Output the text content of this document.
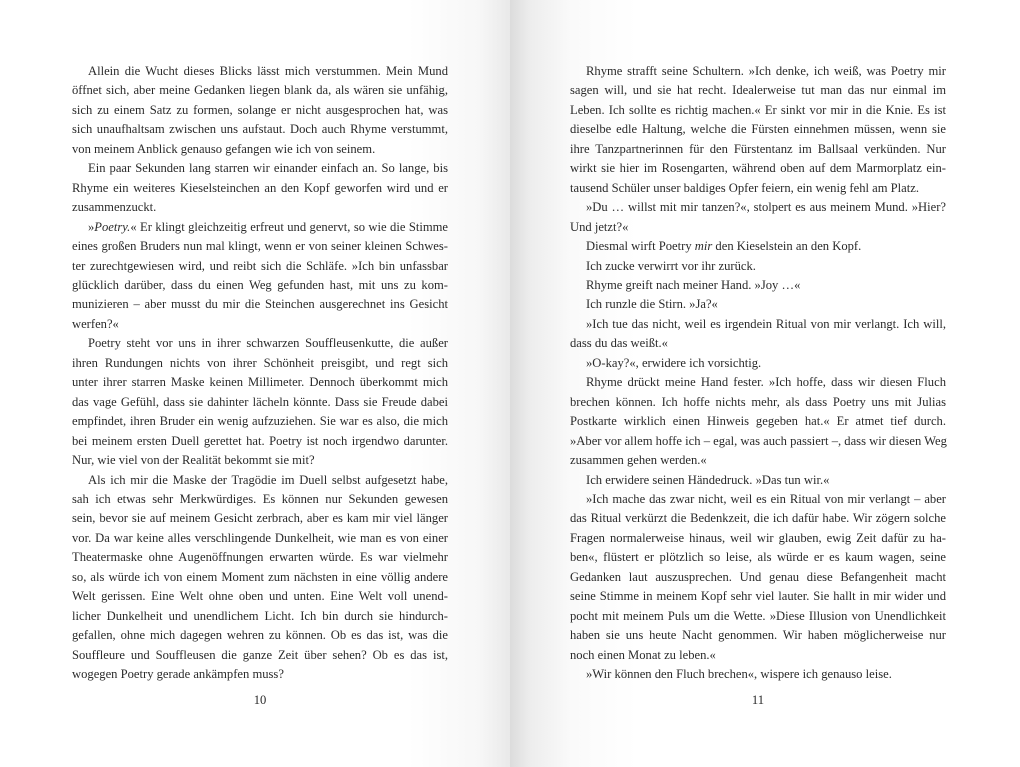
Allein die Wucht dieses Blicks lässt mich verstummen. Mein Mund
öffnet sich, aber meine Gedanken liegen blank da, als wären sie unfähig,
sich zu einem Satz zu formen, solange er nicht ausgesprochen hat, was
sich unaufhaltsam zwischen uns aufstaut. Doch auch Rhyme verstummt,
von meinem Anblick genauso gefangen wie ich von seinem.
Ein paar Sekunden lang starren wir einander einfach an. So lange, bis
Rhyme ein weiteres Kieselsteinchen an den Kopf geworfen wird und er
zusammenzuckt.
»Poetry.« Er klingt gleichzeitig erfreut und genervt, so wie die Stimme
eines großen Bruders nun mal klingt, wenn er von seiner kleinen Schwes-
ter zurechtgewiesen wird, und reibt sich die Schläfe. »Ich bin unfassbar
glücklich darüber, dass du einen Weg gefunden hast, mit uns zu kom-
munizieren – aber musst du mir die Steinchen ausgerechnet ins Gesicht
werfen?«
Poetry steht vor uns in ihrer schwarzen Souffleusenkutte, die außer
ihren Rundungen nichts von ihrer Schönheit preisgibt, und regt sich
unter ihrer starren Maske keinen Millimeter. Dennoch überkommt mich
das vage Gefühl, dass sie dahinter lächeln könnte. Dass sie Freude dabei
empfindet, ihren Bruder ein wenig aufzuziehen. Sie war es also, die mich
bei meinem ersten Duell gerettet hat. Poetry ist noch irgendwo darunter.
Nur, wie viel von der Realität bekommt sie mit?
Als ich mir die Maske der Tragödie im Duell selbst aufgesetzt habe,
sah ich etwas sehr Merkwürdiges. Es können nur Sekunden gewesen
sein, bevor sie auf meinem Gesicht zerbrach, aber es kam mir viel länger
vor. Da war keine alles verschlingende Dunkelheit, wie man es von einer
Theatermaske ohne Augenöffnungen erwarten würde. Es war vielmehr
so, als würde ich von einem Moment zum nächsten in eine völlig andere
Welt gerissen. Eine Welt ohne oben und unten. Eine Welt voll unend-
licher Dunkelheit und unendlichem Licht. Ich bin durch sie hindurch-
gefallen, ohne mich dagegen wehren zu können. Ob es das ist, was die
Souffleure und Souffleusen die ganze Zeit über sehen? Ob es das ist,
wogegen Poetry gerade ankämpfen muss?
10
Rhyme strafft seine Schultern. »Ich denke, ich weiß, was Poetry mir
sagen will, und sie hat recht. Idealerweise tut man das nur einmal im
Leben. Ich sollte es richtig machen.« Er sinkt vor mir in die Knie. Es ist
dieselbe edle Haltung, welche die Fürsten einnehmen müssen, wenn sie
ihre Tanzpartnerinnen für den Fürstentanz im Ballsaal verkünden. Nur
wirkt sie hier im Rosengarten, während oben auf dem Marmorplatz ein-
tausend Schüler unser baldiges Opfer feiern, ein wenig fehl am Platz.
»Du … willst mit mir tanzen?«, stolpert es aus meinem Mund. »Hier?
Und jetzt?«
Diesmal wirft Poetry mir den Kieselstein an den Kopf.
Ich zucke verwirrt vor ihr zurück.
Rhyme greift nach meiner Hand. »Joy …«
Ich runzle die Stirn. »Ja?«
»Ich tue das nicht, weil es irgendein Ritual von mir verlangt. Ich will,
dass du das weißt.«
»O-kay?«, erwidere ich vorsichtig.
Rhyme drückt meine Hand fester. »Ich hoffe, dass wir diesen Fluch
brechen können. Ich hoffe nichts mehr, als dass Poetry uns mit Julias
Postkarte wirklich einen Hinweis gegeben hat.« Er atmet tief durch.
»Aber vor allem hoffe ich – egal, was auch passiert –, dass wir diesen Weg
zusammen gehen werden.«
Ich erwidere seinen Händedruck. »Das tun wir.«
»Ich mache das zwar nicht, weil es ein Ritual von mir verlangt – aber
das Ritual verkürzt die Bedenkzeit, die ich dafür habe. Wir zögern solche
Fragen normalerweise hinaus, weil wir glauben, ewig Zeit dafür zu ha-
ben«, flüstert er plötzlich so leise, als würde er es kaum wagen, seine
Gedanken laut auszusprechen. Und genau diese Befangenheit macht
seine Stimme in meinem Kopf sehr viel lauter. Sie hallt in mir wider und
pocht mit meinem Puls um die Wette. »Diese Illusion von Unendlichkeit
haben sie uns heute Nacht genommen. Wir haben möglicherweise nur
noch einen Monat zu leben.«
»Wir können den Fluch brechen«, wispere ich genauso leise.
11
